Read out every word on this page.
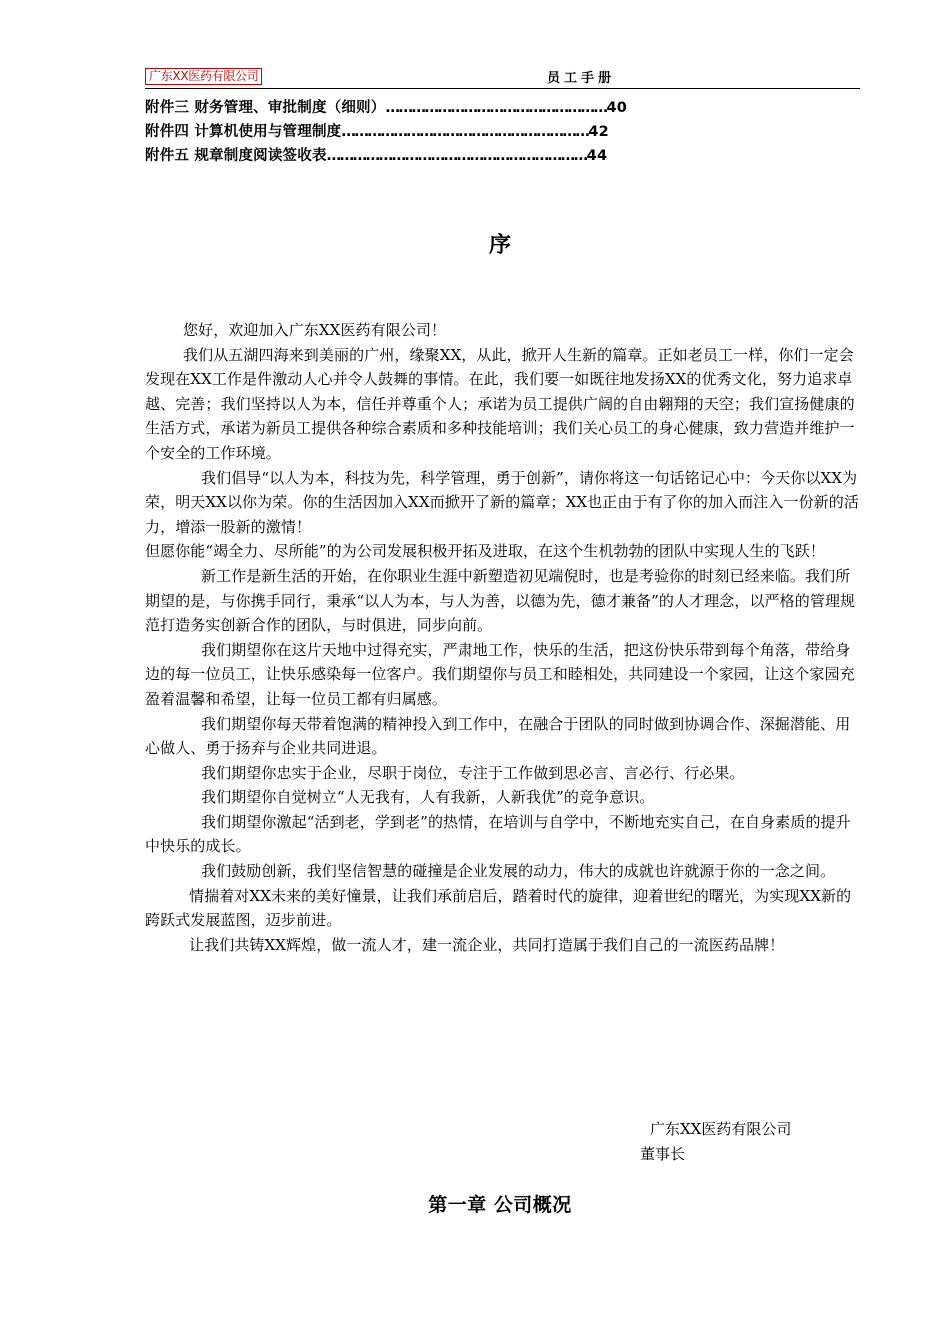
广东XX医药有限公司	员工手册
附件三 财务管理、审批制度（细则）……………………………………………40
附件四 计算机使用与管理制度…………………………………………………42
附件五 规章制度阅读签收表……………………………………………………44
序

您好，欢迎加入广东XX医药有限公司！

我们从五湖四海来到美丽的广州，缘聚XX，从此，掀开人生新的篇章。正如老员工一样，你们一定会发现在XX工作是件激动人心并令人鼓舞的事情。在此，我们要一如既往地发扬XX的优秀文化，努力追求卓越、完善；我们坚持以人为本，信任并尊重个人；承诺为员工提供广阔的自由翱翔的天空；我们宣扬健康的生活方式，承诺为新员工提供各种综合素质和多种技能培训；我们关心员工的身心健康，致力营造并维护一个安全的工作环境。

我们倡导“以人为本，科技为先，科学管理，勇于创新”，请你将这一句话铭记心中：今天你以XX为荣，明天XX以你为荣。你的生活因加入XX而掀开了新的篇章；XX也正由于有了你的加入而注入一份新的活力，增添一股新的激情！

但愿你能“竭全力、尽所能”的为公司发展积极开拓及进取，在这个生机勃勃的团队中实现人生的飞跃！

新工作是新生活的开始，在你职业生涯中新塑造初见端倪时，也是考验你的时刻已经来临。我们所期望的是，与你携手同行，秉承“以人为本，与人为善，以德为先，德才兼备”的人才理念，以严格的管理规范打造务实创新合作的团队，与时俱进，同步向前。

我们期望你在这片天地中过得充实，严肃地工作，快乐的生活，把这份快乐带到每个角落，带给身边的每一位员工，让快乐感染每一位客户。我们期望你与员工和睦相处，共同建设一个家园，让这个家园充盈着温馨和希望，让每一位员工都有归属感。

我们期望你每天带着饱满的精神投入到工作中，在融合于团队的同时做到协调合作、深掘潜能、用心做人、勇于扬弃与企业共同进退。

我们期望你忠实于企业，尽职于岗位，专注于工作做到思必言、言必行、行必果。

我们期望你自觉树立“人无我有，人有我新，人新我优”的竞争意识。

我们期望你激起“活到老，学到老”的热情，在培训与自学中，不断地充实自己，在自身素质的提升中快乐的成长。

我们鼓励创新，我们坚信智慧的碰撞是企业发展的动力，伟大的成就也许就源于你的一念之间。

情揣着对XX未来的美好憧景，让我们承前启后，踏着时代的旋律，迎着世纪的曙光，为实现XX新的跨跃式发展蓝图，迈步前进。

让我们共铸XX辉煌，做一流人才，建一流企业，共同打造属于我们自己的一流医药品牌！

广东XX医药有限公司
董事长
第一章 公司概况
